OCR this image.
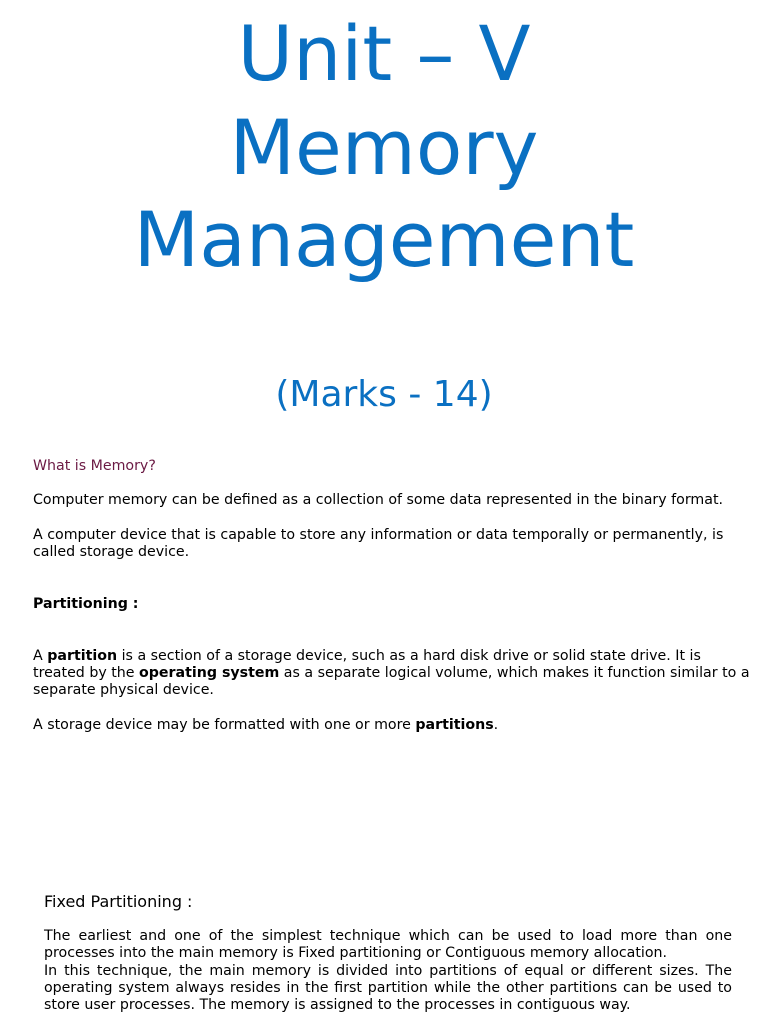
Unit – V
Memory
Management
(Marks - 14)
What is Memory?
Computer memory can be defined as a collection of some data represented in the binary format.
A computer device that is capable to store any information or data temporally or permanently, is called storage device.
Partitioning :
A partition is a section of a storage device, such as a hard disk drive or solid state drive. It is treated by the operating system as a separate logical volume, which makes it function similar to a separate physical device.
A storage device may be formatted with one or more partitions.
Fixed Partitioning :
The earliest and one of the simplest technique which can be used to load more than one processes into the main memory is Fixed partitioning or Contiguous memory allocation.
In this technique, the main memory is divided into partitions of equal or different sizes. The operating system always resides in the first partition while the other partitions can be used to store user processes. The memory is assigned to the processes in contiguous way.
